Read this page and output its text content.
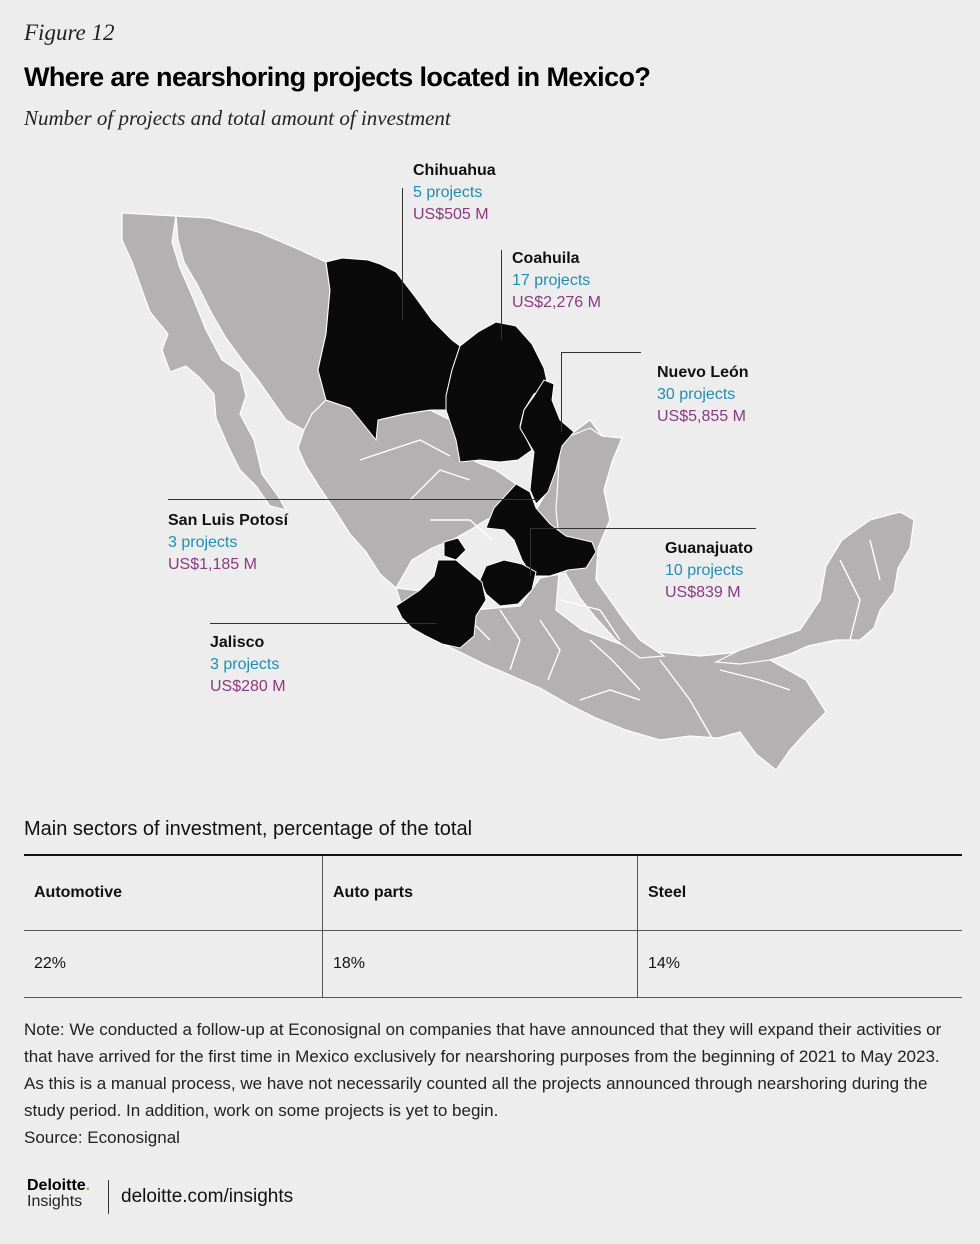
Figure 12
Where are nearshoring projects located in Mexico?
Number of projects and total amount of investment
Chihuahua
5 projects
US$505 M
Coahuila
17 projects
US$2,276 M
Nuevo León
30 projects
US$5,855 M
San Luis Potosí
3 projects
US$1,185 M
Guanajuato
10 projects
US$839 M
Jalisco
3 projects
US$280 M
Main sectors of investment, percentage of the total
Automotive	Auto parts	Steel
22%	18%	14%
Note: We conducted a follow-up at Econosignal on companies that have announced that they will expand their activities or that have arrived for the first time in Mexico exclusively for nearshoring purposes from the beginning of 2021 to May 2023. As this is a manual process, we have not necessarily counted all the projects announced through nearshoring during the study period. In addition, work on some projects is yet to begin.
Source: Econosignal
Deloitte.
Insights	deloitte.com/insights
